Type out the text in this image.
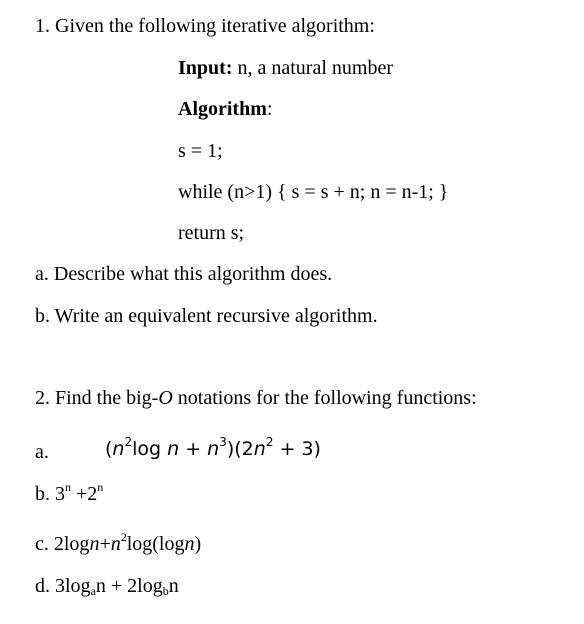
1. Given the following iterative algorithm:
Input: n, a natural number
Algorithm:
s = 1;
while (n>1) { s = s + n; n = n-1; }
return s;
a. Describe what this algorithm does.
b. Write an equivalent recursive algorithm.
2. Find the big-O notations for the following functions:
a.	($n^2\log$ $n + n^3)(2n^2 + 3)$
b. $3^n +2^n$
c. $2\log n+n^2\log(\log n)$
d. $3\log_an + 2\log_bn$
